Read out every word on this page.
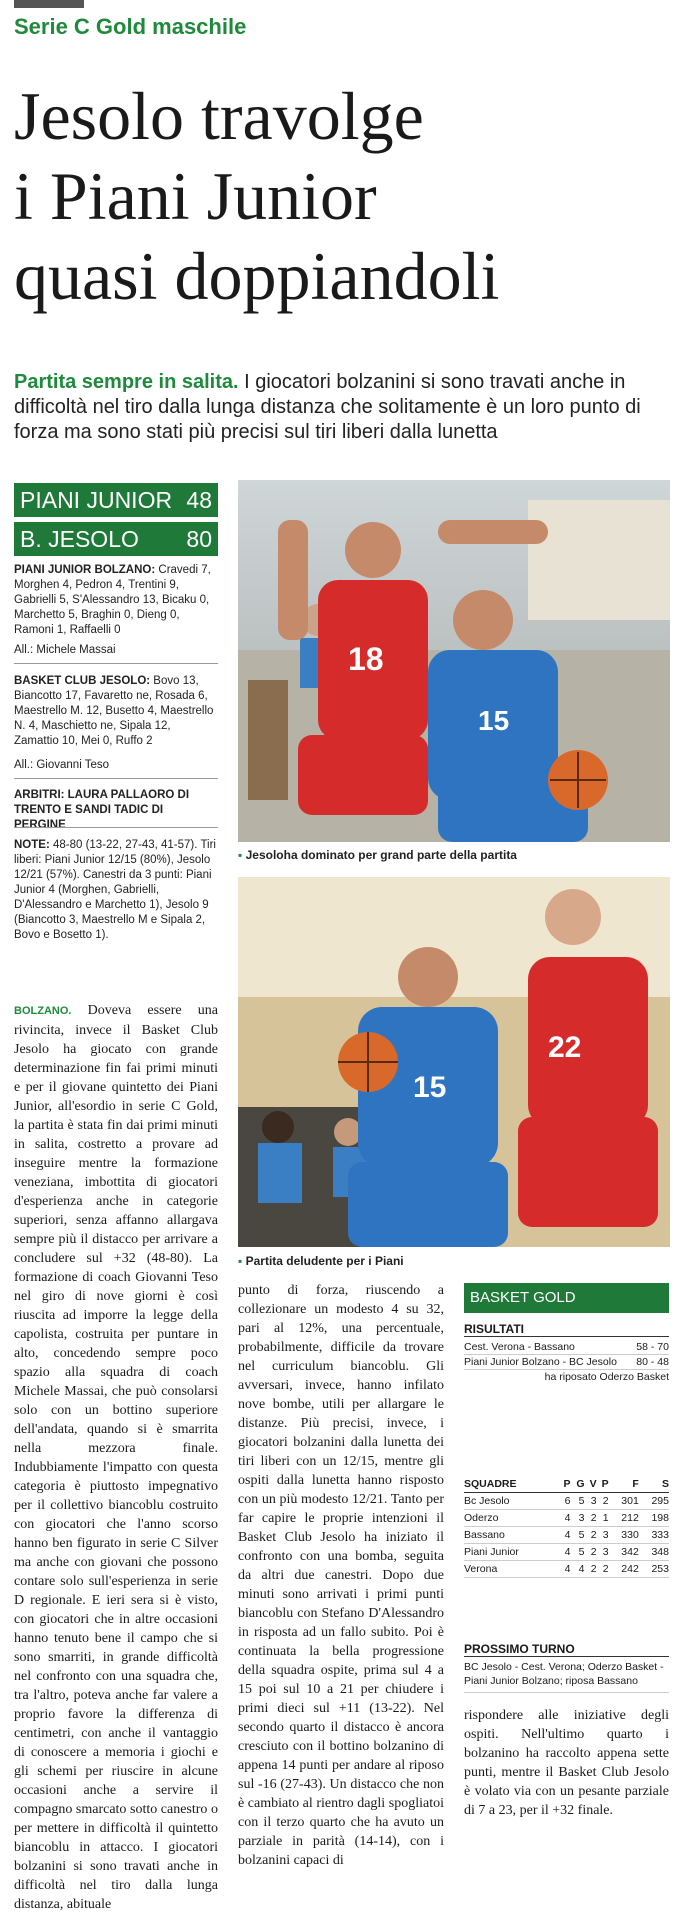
Serie C Gold maschile
Jesolo travolge
i Piani Junior
quasi doppiandoli
Partita sempre in salita. I giocatori bolzanini si sono travati anche in difficoltà nel tiro dalla lunga distanza che solitamente è un loro punto di forza ma sono stati più precisi sul tiri liberi dalla lunetta
PIANI JUNIOR 48
B. JESOLO 80
PIANI JUNIOR BOLZANO: Cravedi 7, Morghen 4, Pedron 4, Trentini 9, Gabrielli 5, S'Alessandro 13, Bicaku 0, Marchetto 5, Braghin 0, Dieng 0, Ramoni 1, Raffaelli 0
All.: Michele Massai
BASKET CLUB JESOLO: Bovo 13, Biancotto 17, Favaretto ne, Rosada 6, Maestrello M. 12, Busetto 4, Maestrello N. 4, Maschietto ne, Sipala 12, Zamattio 10, Mei 0, Ruffo 2
All.: Giovanni Teso
ARBITRI: LAURA PALLAORO DI TRENTO E SANDI TADIC DI PERGINE
NOTE: 48-80 (13-22, 27-43, 41-57). Tiri liberi: Piani Junior 12/15 (80%), Jesolo 12/21 (57%). Canestri da 3 punti: Piani Junior 4 (Morghen, Gabrielli, D'Alessandro e Marchetto 1), Jesolo 9 (Biancotto 3, Maestrello M e Sipala 2, Bovo e Bosetto 1).
18
15
▪ Jesoloha dominato per grand parte della partita
15
22
▪ Partita deludente per i Piani
BOLZANO. Doveva essere una rivincita, invece il Basket Club Jesolo ha giocato con grande determinazione fin fai primi minuti e per il giovane quintetto dei Piani Junior, all'esordio in serie C Gold, la partita è stata fin dai primi minuti in salita, costretto a provare ad inseguire mentre la formazione veneziana, imbottita di giocatori d'esperienza anche in categorie superiori, senza affanno allargava sempre più il distacco per arrivare a concludere sul +32 (48-80). La formazione di coach Giovanni Teso nel giro di nove giorni è così riuscita ad imporre la legge della capolista, costruita per puntare in alto, concedendo sempre poco spazio alla squadra di coach Michele Massai, che può consolarsi solo con un bottino superiore dell'andata, quando si è smarrita nella mezzora finale. Indubbiamente l'impatto con questa categoria è piuttosto impegnativo per il collettivo biancoblu costruito con giocatori che l'anno scorso hanno ben figurato in serie C Silver ma anche con giovani che possono contare solo sull'esperienza in serie D regionale. E ieri sera si è visto, con giocatori che in altre occasioni hanno tenuto bene il campo che si sono smarriti, in grande difficoltà nel confronto con una squadra che, tra l'altro, poteva anche far valere a proprio favore la differenza di centimetri, con anche il vantaggio di conoscere a memoria i giochi e gli schemi per riuscire in alcune occasioni anche a servire il compagno smarcato sotto canestro o per mettere in difficoltà il quintetto biancoblu in attacco. I giocatori bolzanini si sono travati anche in difficoltà nel tiro dalla lunga distanza, abituale
punto di forza, riuscendo a collezionare un modesto 4 su 32, pari al 12%, una percentuale, probabilmente, difficile da trovare nel curriculum biancoblu. Gli avversari, invece, hanno infilato nove bombe, utili per allargare le distanze. Più precisi, invece, i giocatori bolzanini dalla lunetta dei tiri liberi con un 12/15, mentre gli ospiti dalla lunetta hanno risposto con un più modesto 12/21. Tanto per far capire le proprie intenzioni il Basket Club Jesolo ha iniziato il confronto con una bomba, seguita da altri due canestri. Dopo due minuti sono arrivati i primi punti biancoblu con Stefano D'Alessandro in risposta ad un fallo subito. Poi è continuata la bella progressione della squadra ospite, prima sul 4 a 15 poi sul 10 a 21 per chiudere i primi dieci sul +11 (13-22). Nel secondo quarto il distacco è ancora cresciuto con il bottino bolzanino di appena 14 punti per andare al riposo sul -16 (27-43). Un distacco che non è cambiato al rientro dagli spogliatoi con il terzo quarto che ha avuto un parziale in parità (14-14), con i bolzanini capaci di
rispondere alle iniziative degli ospiti. Nell'ultimo quarto i bolzanino ha raccolto appena sette punti, mentre il Basket Club Jesolo è volato via con un pesante parziale di 7 a 23, per il +32 finale.
BASKET GOLD
RISULTATI
Cest. Verona - Bassano	58 - 70
Piani Junior Bolzano - BC Jesolo	80 - 48
ha riposato Oderzo Basket	
SQUADRE	P	G	V	P	F	S
Bc Jesolo	6	5	3	2	301	295
Oderzo	4	3	2	1	212	198
Bassano	4	5	2	3	330	333
Piani Junior	4	5	2	3	342	348
Verona	4	4	2	2	242	253
PROSSIMO TURNO
BC Jesolo - Cest. Verona; Oderzo Basket - Piani Junior Bolzano; riposa Bassano
